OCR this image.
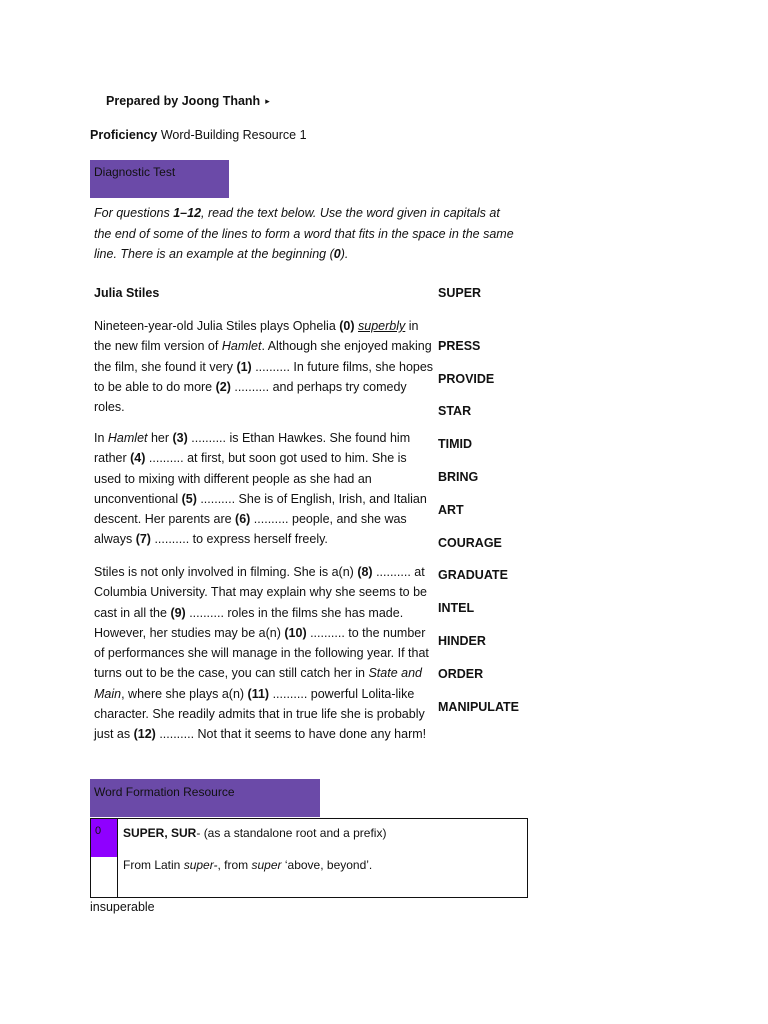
Prepared by Joong Thanh ▸
Proficiency Word-Building Resource 1
Diagnostic Test
For questions 1–12, read the text below. Use the word given in capitals at the end of some of the lines to form a word that fits in the space in the same line. There is an example at the beginning (0).
Julia Stiles
Nineteen-year-old Julia Stiles plays Ophelia (0) superbly in the new film version of Hamlet. Although she enjoyed making the film, she found it very (1) .......... In future films, she hopes to be able to do more (2) .......... and perhaps try comedy roles.
In Hamlet her (3) .......... is Ethan Hawkes. She found him rather (4) .......... at first, but soon got used to him. She is used to mixing with different people as she had an unconventional (5) .......... She is of English, Irish, and Italian descent. Her parents are (6) .......... people, and she was always (7) .......... to express herself freely.
Stiles is not only involved in filming. She is a(n) (8) .......... at Columbia University. That may explain why she seems to be cast in all the (9) .......... roles in the films she has made. However, her studies may be a(n) (10) .......... to the number of performances she will manage in the following year. If that turns out to be the case, you can still catch her in State and Main, where she plays a(n) (11) .......... powerful Lolita-like character. She readily admits that in true life she is probably just as (12) .......... Not that it seems to have done any harm!
SUPER
PRESS
PROVIDE
STAR
TIMID
BRING
ART
COURAGE
GRADUATE
INTEL
HINDER
ORDER
MANIPULATE
Word Formation Resource
0	SUPER, SUR- (as a standalone root and a prefix)
From Latin super-, from super ‘above, beyond’.
insuperable
